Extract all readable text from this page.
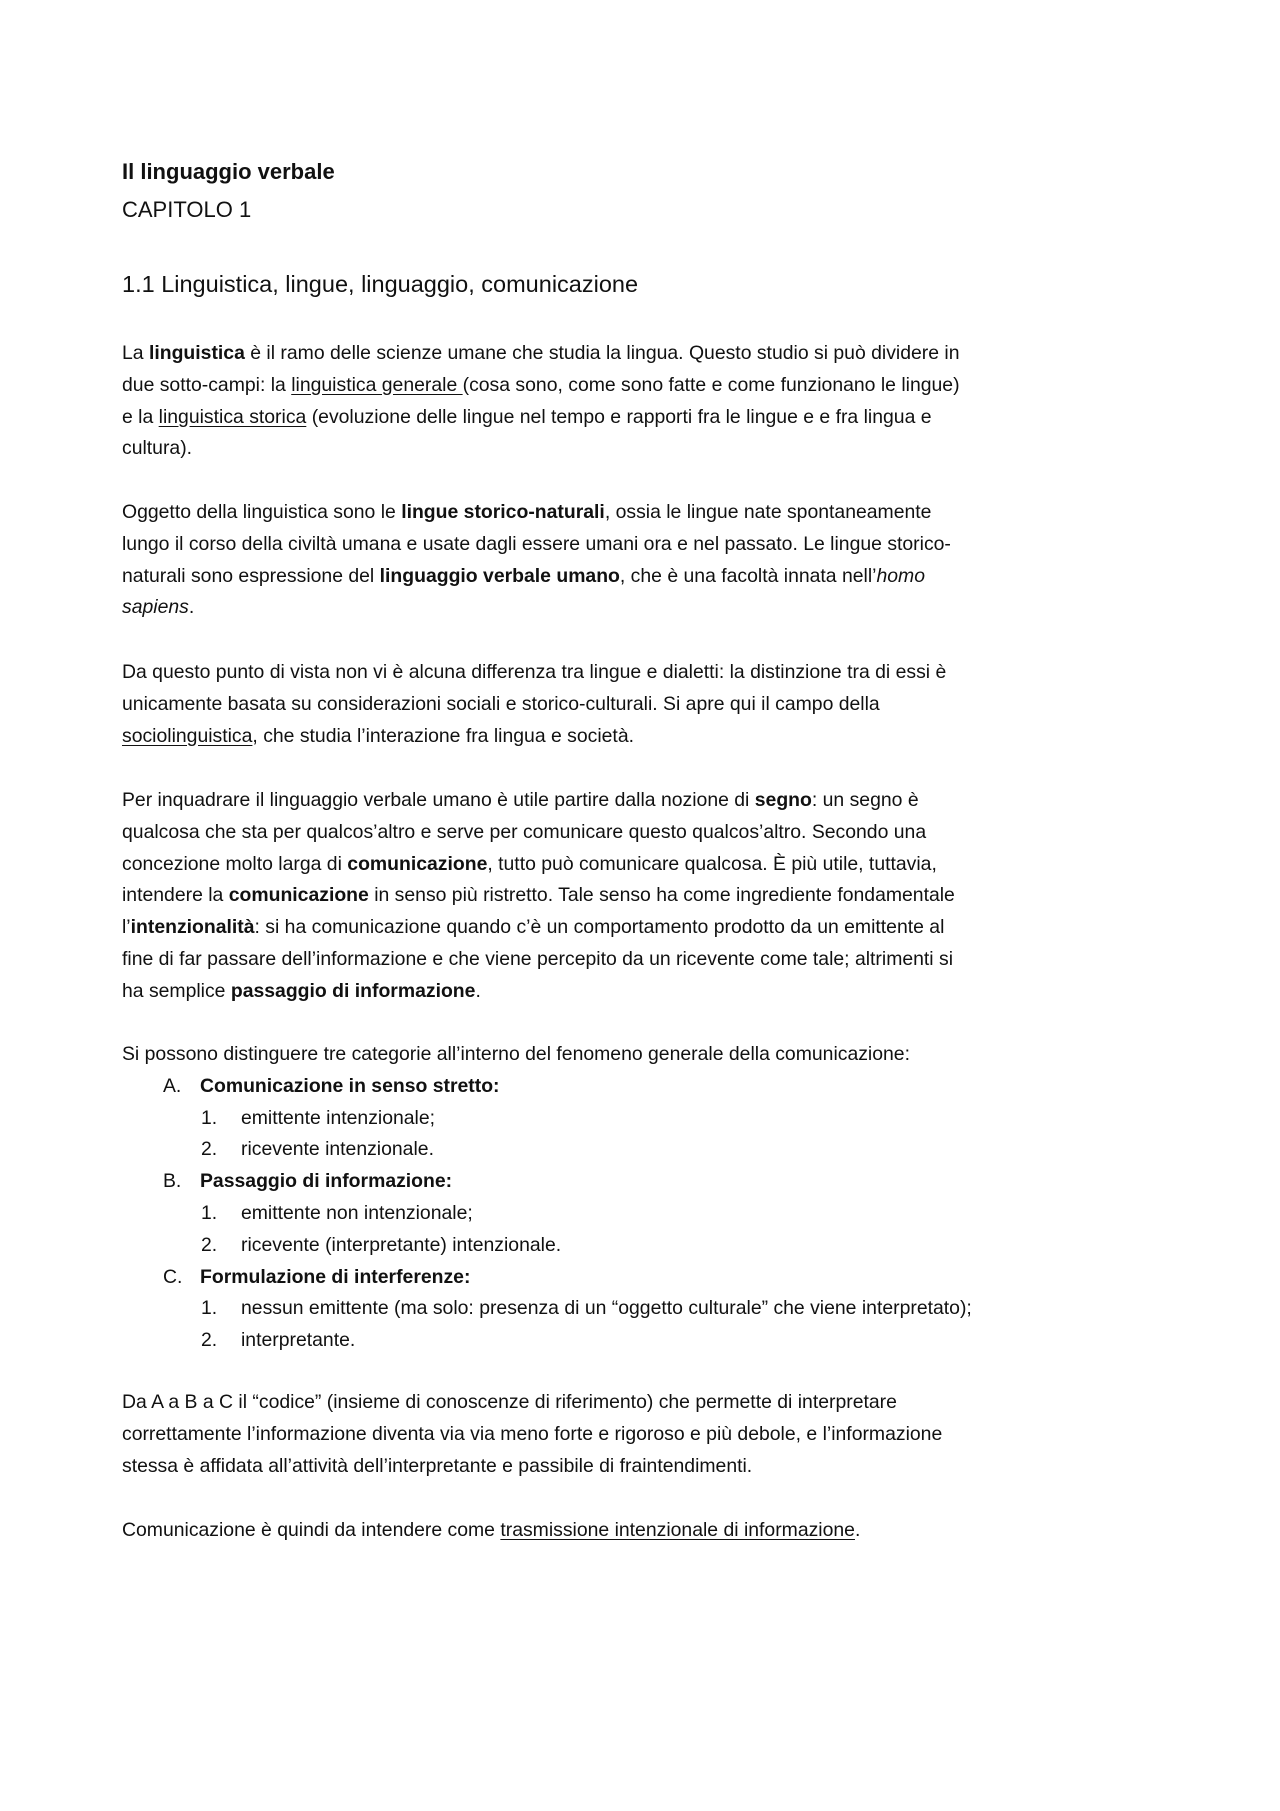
Il linguaggio verbale
CAPITOLO 1
1.1 Linguistica, lingue, linguaggio, comunicazione
La linguistica è il ramo delle scienze umane che studia la lingua. Questo studio si può dividere in
due sotto-campi: la linguistica generale (cosa sono, come sono fatte e come funzionano le lingue)
e la linguistica storica (evoluzione delle lingue nel tempo e rapporti fra le lingue e e fra lingua e
cultura).
Oggetto della linguistica sono le lingue storico-naturali, ossia le lingue nate spontaneamente
lungo il corso della civiltà umana e usate dagli essere umani ora e nel passato. Le lingue storico-
naturali sono espressione del linguaggio verbale umano, che è una facoltà innata nell’homo
sapiens.
Da questo punto di vista non vi è alcuna differenza tra lingue e dialetti: la distinzione tra di essi è
unicamente basata su considerazioni sociali e storico-culturali. Si apre qui il campo della
sociolinguistica, che studia l’interazione fra lingua e società.
Per inquadrare il linguaggio verbale umano è utile partire dalla nozione di segno: un segno è
qualcosa che sta per qualcos’altro e serve per comunicare questo qualcos’altro. Secondo una
concezione molto larga di comunicazione, tutto può comunicare qualcosa. È più utile, tuttavia,
intendere la comunicazione in senso più ristretto. Tale senso ha come ingrediente fondamentale
l’intenzionalità: si ha comunicazione quando c’è un comportamento prodotto da un emittente al
fine di far passare dell’informazione e che viene percepito da un ricevente come tale; altrimenti si
ha semplice passaggio di informazione.
Si possono distinguere tre categorie all’interno del fenomeno generale della comunicazione:
A. Comunicazione in senso stretto:
1. emittente intenzionale;
2. ricevente intenzionale.
B. Passaggio di informazione:
1. emittente non intenzionale;
2. ricevente (interpretante) intenzionale.
C. Formulazione di interferenze:
1. nessun emittente (ma solo: presenza di un “oggetto culturale” che viene interpretato);
2. interpretante.
Da A a B a C il “codice” (insieme di conoscenze di riferimento) che permette di interpretare
correttamente l’informazione diventa via via meno forte e rigoroso e più debole, e l’informazione
stessa è affidata all’attività dell’interpretante e passibile di fraintendimenti.
Comunicazione è quindi da intendere come trasmissione intenzionale di informazione.
